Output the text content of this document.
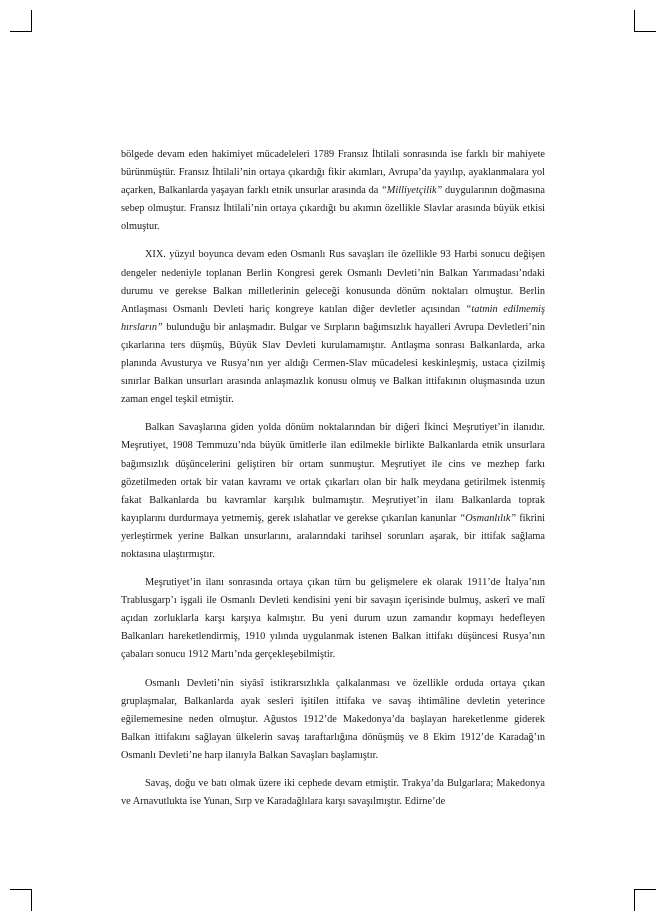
bölgede devam eden hakimiyet mücadeleleri 1789 Fransız İhtilali sonrasında ise farklı bir mahiyete bürünmüştür. Fransız İhtilali’nin ortaya çıkardığı fikir akımları, Avrupa’da yayılıp, ayaklanmalara yol açarken, Balkanlarda yaşayan farklı etnik unsurlar arasında da “Milliyetçilik” duygularının doğmasına sebep olmuştur. Fransız İhtilali’nin ortaya çıkardığı bu akımın özellikle Slavlar arasında büyük etkisi olmuştur.

XIX. yüzyıl boyunca devam eden Osmanlı Rus savaşları ile özellikle 93 Harbi sonucu değişen dengeler nedeniyle toplanan Berlin Kongresi gerek Osmanlı Devleti’nin Balkan Yarımadası’ndaki durumu ve gerekse Balkan milletlerinin geleceği konusunda dönüm noktaları olmuştur. Berlin Antlaşması Osmanlı Devleti hariç kongreye katılan diğer devletler açısından “tatmin edilmemiş hırsların” bulunduğu bir anlaşmadır. Bulgar ve Sırpların bağımsızlık hayalleri Avrupa Devletleri’nin çıkarlarına ters düşmüş, Büyük Slav Devleti kurulamamıştır. Antlaşma sonrası Balkanlarda, arka planında Avusturya ve Rusya’nın yer aldığı Cermen-Slav mücadelesi keskinleşmiş, ustaca çizilmiş sınırlar Balkan unsurları arasında anlaşmazlık konusu olmuş ve Balkan ittifakının oluşmasında uzun zaman engel teşkil etmiştir.

Balkan Savaşlarına giden yolda dönüm noktalarından bir diğeri İkinci Meşrutiyet’in ilanıdır. Meşrutiyet, 1908 Temmuzu’nda büyük ümitlerle ilan edilmekle birlikte Balkanlarda etnik unsurlara bağımsızlık düşüncelerini geliştiren bir ortam sunmuştur. Meşrutiyet ile cins ve mezhep farkı gözetilmeden ortak bir vatan kavramı ve ortak çıkarları olan bir halk meydana getirilmek istenmiş fakat Balkanlarda bu kavramlar karşılık bulmamıştır. Meşrutiyet’in ilanı Balkanlarda toprak kayıplarını durdurmaya yetmemiş, gerek ıslahatlar ve gerekse çıkarılan kanunlar “Osmanlılık” fikrini yerleştirmek yerine Balkan unsurlarını, aralarındaki tarihsel sorunları aşarak, bir ittifak sağlama noktasına ulaştırmıştır.

Meşrutiyet’in ilanı sonrasında ortaya çıkan türn bu gelişmelere ek olarak 1911’de İtalya’nın Trablusgarp’ı işgali ile Osmanlı Devleti kendisini yeni bir savaşın içerisinde bulmuş, askerî ve malî açıdan zorluklarla karşı karşıya kalmıştır. Bu yeni durum uzun zamandır kopmayı hedefleyen Balkanları hareketlendirmiş, 1910 yılında uygulanmak istenen Balkan ittifakı düşüncesi Rusya’nın çabaları sonucu 1912 Martı’nda gerçekleşebilmiştir.

Osmanlı Devleti’nin siyâsî istikrarsızlıkla çalkalanması ve özellikle orduda ortaya çıkan gruplaşmalar, Balkanlarda ayak sesleri işitilen ittifaka ve savaş ihtimâline devletin yeterince eğilememesine neden olmuştur. Ağustos 1912’de Makedonya’da başlayan hareketlenme giderek Balkan ittifakını sağlayan ülkelerin savaş taraftarlığına dönüşmüş ve 8 Ekim 1912’de Karadağ’ın Osmanlı Devleti’ne harp ilanıyla Balkan Savaşları başlamıştır.

Savaş, doğu ve batı olmak üzere iki cephede devam etmiştir. Trakya’da Bulgarlara; Makedonya ve Arnavutlukta ise Yunan, Sırp ve Karadağlılara karşı savaşılmıştır. Edirne’de
